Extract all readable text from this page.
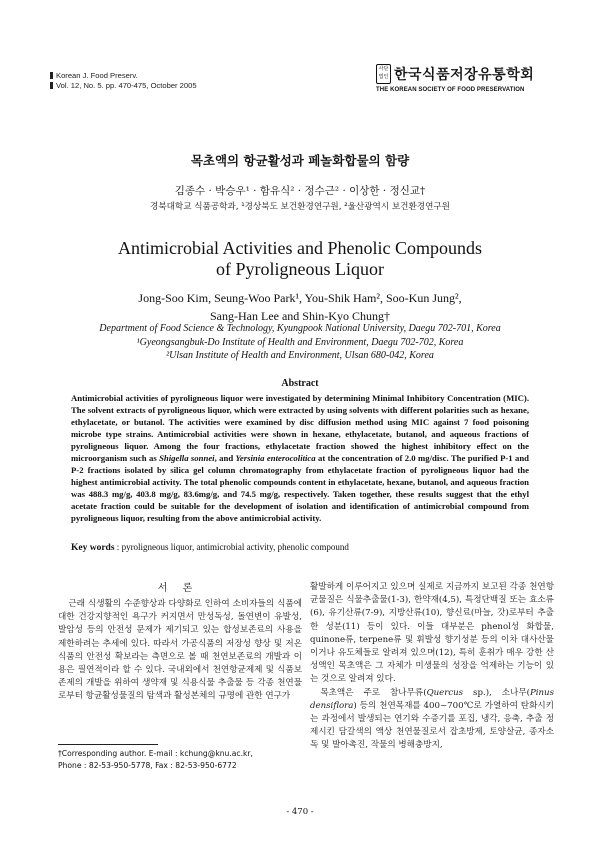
Korean J. Food Preserv.
Vol. 12, No. 5. pp. 470-475, October 2005
사단법인 한국식품저장유통학회
THE KOREAN SOCIETY OF FOOD PRESERVATION
목초액의 항균활성과 페놀화합물의 함량
김종수 · 박승우¹ · 함유식² · 정수근² · 이상한 · 정신교†
경북대학교 식품공학과, ¹경상북도 보건환경연구원, ²울산광역시 보건환경연구원
Antimicrobial Activities and Phenolic Compounds
of Pyroligneous Liquor
Jong-Soo Kim, Seung-Woo Park¹, You-Shik Ham², Soo-Kun Jung²,
Sang-Han Lee and Shin-Kyo Chung†
Department of Food Science & Technology, Kyungpook National University, Daegu 702-701, Korea
¹Gyeongsangbuk-Do Institute of Health and Environment, Daegu 702-702, Korea
²Ulsan Institute of Health and Environment, Ulsan 680-042, Korea
Abstract
Antimicrobial activities of pyroligneous liquor were investigated by determining Minimal Inhibitory Concentration (MIC). The solvent extracts of pyroligneous liquor, which were extracted by using solvents with different polarities such as hexane, ethylacetate, or butanol. The activities were examined by disc diffusion method using MIC against 7 food poisoning microbe type strains. Antimicrobial activities were shown in hexane, ethylacetate, butanol, and aqueous fractions of pyroligneous liquor. Among the four fractions, ethylacetate fraction showed the highest inhibitory effect on the microorganism such as Shigella sonnei, and Yersinia enterocolitica at the concentration of 2.0 mg/disc. The purified P-1 and P-2 fractions isolated by silica gel column chromatography from ethylacetate fraction of pyroligneous liquor had the highest antimicrobial activity. The total phenolic compounds content in ethylacetate, hexane, butanol, and aqueous fraction was 488.3 mg/g, 403.8 mg/g, 83.6mg/g, and 74.5 mg/g, respectively. Taken together, these results suggest that the ethyl acetate fraction could be suitable for the development of isolation and identification of antimicrobial compound from pyroligneous liquor, resulting from the above antimicrobial activity.
Key words : pyroligneous liquor, antimicrobial activity, phenolic compound
서 론
근래 식생활의 수준향상과 다양화로 인하여 소비자들의 식품에 대한 건강지향적인 욕구가 커지면서 만성독성, 돌연변이 유발성, 발암성 등의 안전성 문제가 제기되고 있는 합성보존료의 사용을 제한하려는 추세에 있다. 따라서 가공식품의 저장성 향상 및 저온식품의 안전성 확보라는 측면으로 볼 때 천연보존료의 개발과 이용은 필연적이라 할 수 있다. 국내외에서 천연항균제제 및 식품보존제의 개발을 위하여 생약재 및 식용식물 추출물 등 각종 천연물로부터 항균활성물질의 탐색과 활성본체의 규명에 관한 연구가
활발하게 이루어지고 있으며 실제로 지금까지 보고된 각종 천연항균물질은 식물추출물(1-3), 한약재(4,5), 특정단백질 또는 효소류(6), 유기산류(7-9), 지방산류(10), 향신료(마늘, 갓)로부터 추출한 성분(11) 등이 있다. 이들 대부분은 phenol성 화합물, quinone류, terpene류 및 휘발성 향기성분 등의 이차 대사산물이거나 유도체들로 알려져 있으며(12), 특히 훈취가 매우 강한 산성액인 목초액은 그 자체가 미생물의 성장을 억제하는 기능이 있는 것으로 알려져 있다.
목초액은 주로 참나무류(Quercus sp.), 소나무(Pinus densiflora) 등의 천연목재를 400~700℃로 가열하여 탄화시키는 과정에서 발생되는 연기와 수증기를 포집, 냉각, 응축, 추출 정제시킨 담갈색의 액상 천연물질로서 잡초방제, 토양살균, 종자소독 및 발아촉진, 작물의 병해충방지,
†Corresponding author. E-mail : kchung@knu.ac.kr,
Phone : 82-53-950-5778, Fax : 82-53-950-6772
- 470 -
